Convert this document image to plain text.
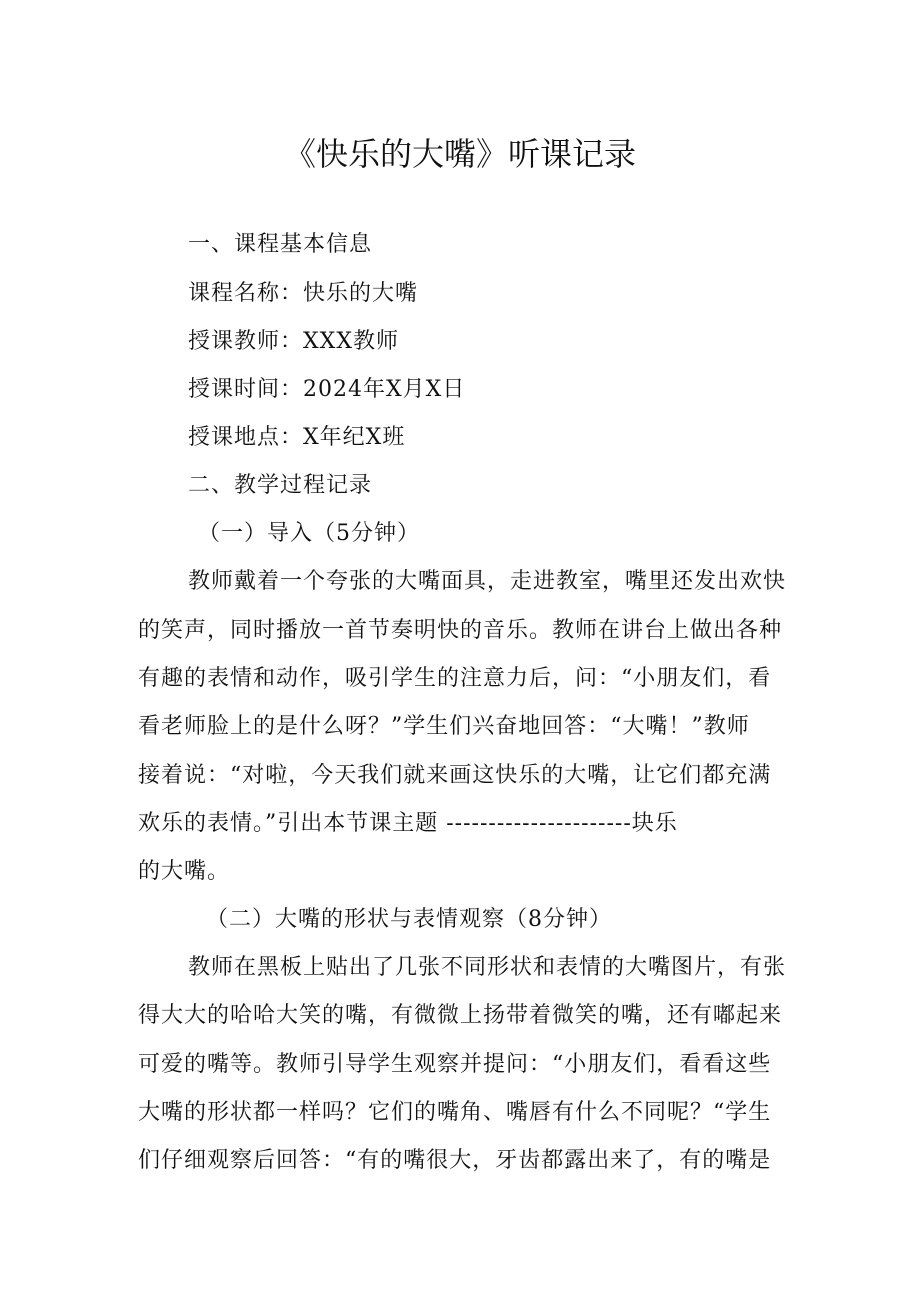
《快乐的大嘴》听课记录

一、课程基本信息

课程名称：快乐的大嘴

授课教师：XXX教师

授课时间：2024年X月X日

授课地点：X年纪X班

二、教学过程记录

（一）导入（5分钟）

教师戴着一个夸张的大嘴面具，走进教室，嘴里还发出欢快

的笑声，同时播放一首节奏明快的音乐。教师在讲台上做出各种

有趣的表情和动作，吸引学生的注意力后，问：“小朋友们，看

看老师脸上的是什么呀？”学生们兴奋地回答：“大嘴！”教师

接着说：“对啦，今天我们就来画这快乐的大嘴，让它们都充满

欢乐的表情。”引出本节课主题 ----------------------块乐

的大嘴。

（二）大嘴的形状与表情观察（8分钟）

教师在黑板上贴出了几张不同形状和表情的大嘴图片，有张

得大大的哈哈大笑的嘴，有微微上扬带着微笑的嘴，还有嘟起来

可爱的嘴等。教师引导学生观察并提问：“小朋友们，看看这些

大嘴的形状都一样吗？它们的嘴角、嘴唇有什么不同呢？“学生

们仔细观察后回答：“有的嘴很大，牙齿都露出来了，有的嘴是
